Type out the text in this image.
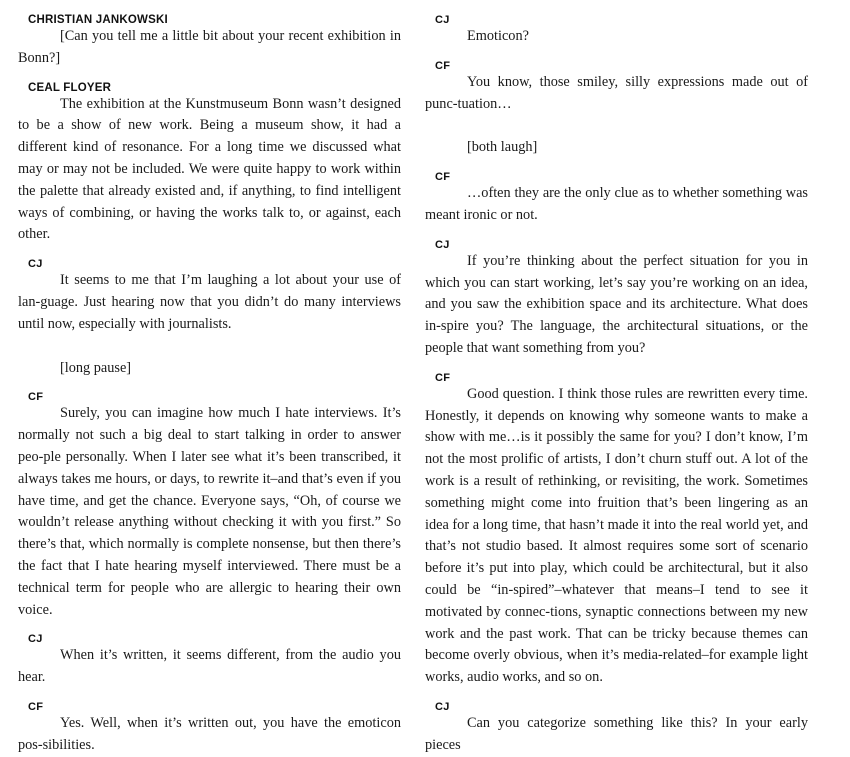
CHRISTIAN JANKOWSKI

[Can you tell me a little bit about your recent exhibition in Bonn?]

CEAL FLOYER

The exhibition at the Kunstmuseum Bonn wasn’t designed to be a show of new work. Being a museum show, it had a different kind of resonance. For a long time we discussed what may or may not be included. We were quite happy to work within the palette that already existed and, if anything, to find intelligent ways of combining, or having the works talk to, or against, each other.

CJ

It seems to me that I’m laughing a lot about your use of lan-guage. Just hearing now that you didn’t do many interviews until now, especially with journalists.

[long pause]

CF

Surely, you can imagine how much I hate interviews. It’s normally not such a big deal to start talking in order to answer peo-ple personally. When I later see what it’s been transcribed, it always takes me hours, or days, to rewrite it–and that’s even if you have time, and get the chance. Everyone says, “Oh, of course we wouldn’t release anything without checking it with you first.” So there’s that, which normally is complete nonsense, but then there’s the fact that I hate hearing myself interviewed. There must be a technical term for people who are allergic to hearing their own voice.

CJ

When it’s written, it seems different, from the audio you hear.

CF

Yes. Well, when it’s written out, you have the emoticon pos-sibilities.

CJ

Emoticon?

CF

You know, those smiley, silly expressions made out of punc-tuation…

[both laugh]

CF

…often they are the only clue as to whether something was meant ironic or not.

CJ

If you’re thinking about the perfect situation for you in which you can start working, let’s say you’re working on an idea, and you saw the exhibition space and its architecture. What does in-spire you? The language, the architectural situations, or the people that want something from you?

CF

Good question. I think those rules are rewritten every time. Honestly, it depends on knowing why someone wants to make a show with me…is it possibly the same for you? I don’t know, I’m not the most prolific of artists, I don’t churn stuff out. A lot of the work is a result of rethinking, or revisiting, the work. Sometimes something might come into fruition that’s been lingering as an idea for a long time, that hasn’t made it into the real world yet, and that’s not studio based. It almost requires some sort of scenario before it’s put into play, which could be architectural, but it also could be “in-spired”–whatever that means–I tend to see it motivated by connec-tions, synaptic connections between my new work and the past work. That can be tricky because themes can become overly obvious, when it’s media-related–for example light works, audio works, and so on.

CJ

Can you categorize something like this? In your early pieces
